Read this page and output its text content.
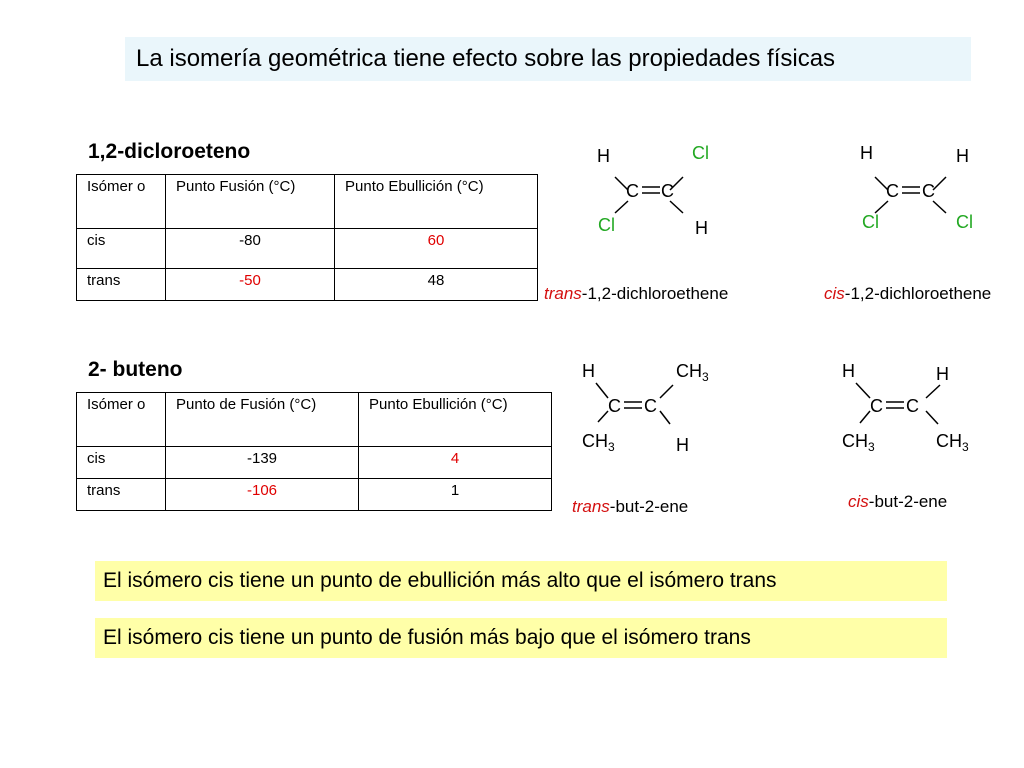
La isomería geométrica tiene efecto sobre las propiedades físicas
1,2-dicloroeteno
Isómer o	Punto Fusión (°C)	Punto Ebullición (°C)
cis	-80	60
trans	-50	48
H	Cl
C C
Cl	H
trans-1,2-dichloroethene
H	H
C C
Cl	Cl
cis-1,2-dichloroethene
2- buteno
Isómer o	Punto de Fusión (°C)	Punto Ebullición (°C)
cis	-139	4
trans	-106	1
H	$CH_3$
C C
$CH_3$	H
trans-but-2-ene
H	H
C C
$CH_3$	$CH_3$
cis-but-2-ene
El isómero cis tiene un punto de ebullición más alto que el isómero trans
El isómero cis tiene un punto de fusión más bajo que el isómero trans
